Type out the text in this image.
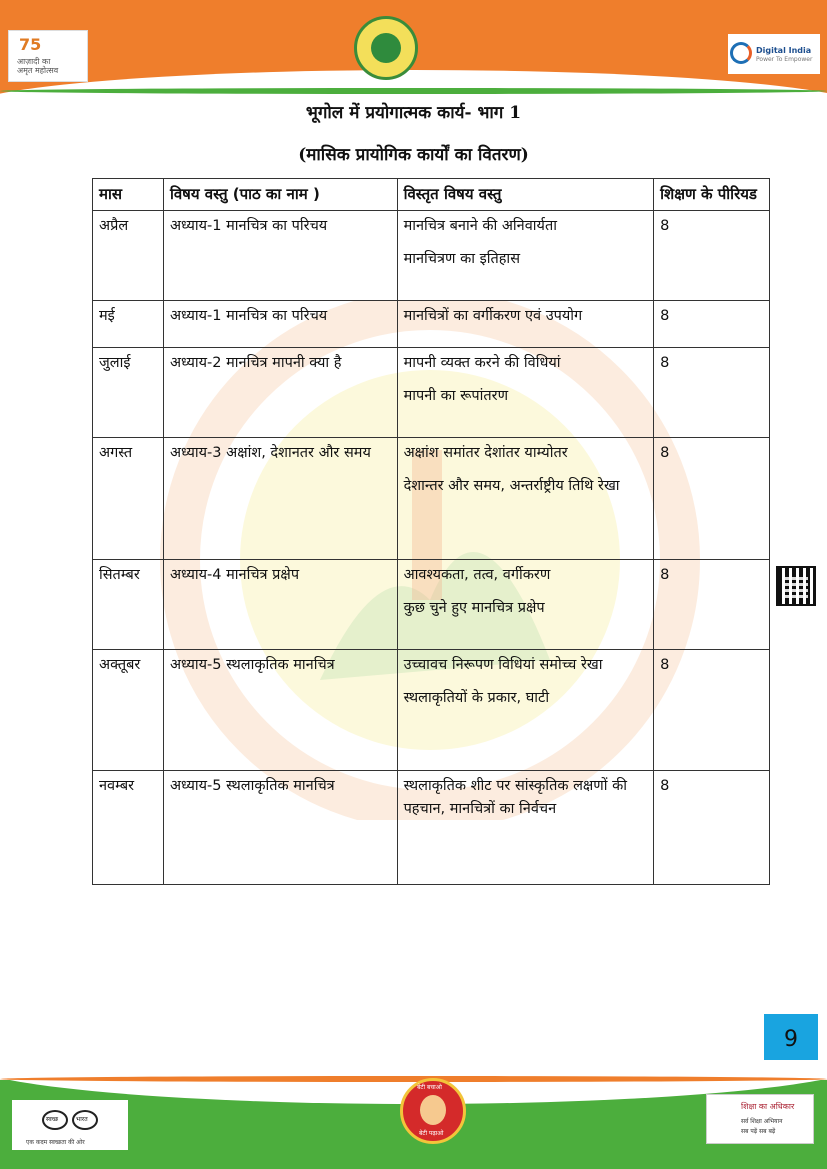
75
आज़ादी का
अमृत महोत्सव
Digital India
Power To Empower
भूगोल में प्रयोगात्मक कार्य- भाग 1
(मासिक प्रायोगिक कार्यों का वितरण)
मास	विषय वस्तु (पाठ का नाम )	विस्तृत विषय वस्तु	शिक्षण के पीरियड
अप्रैल	अध्याय-1 मानचित्र का परिचय	मानचित्र बनाने की अनिवार्यता
मानचित्रण का इतिहास	8
मई	अध्याय-1 मानचित्र का परिचय	मानचित्रों का वर्गीकरण एवं उपयोग	8
जुलाई	अध्याय-2 मानचित्र मापनी क्या है	मापनी व्यक्त करने की विधियां
मापनी का रूपांतरण	8
अगस्त	अध्याय-3 अक्षांश, देशानतर और समय	अक्षांश समांतर देशांतर याम्योतर
देशान्तर और समय, अन्तर्राष्ट्रीय तिथि रेखा	8
सितम्बर	अध्याय-4 मानचित्र प्रक्षेप	आवश्यकता, तत्व, वर्गीकरण
कुछ चुने हुए मानचित्र प्रक्षेप	8
अक्तूबर	अध्याय-5 स्थलाकृतिक मानचित्र	उच्चावच निरूपण विधियां समोच्च रेखा
स्थलाकृतियों के प्रकार, घाटी	8
नवम्बर	अध्याय-5 स्थलाकृतिक मानचित्र	स्थलाकृतिक शीट पर सांस्कृतिक लक्षणों की पहचान, मानचित्रों का निर्वचन	8
9
स्वच्छ	भारत
एक कदम स्वच्छता की ओर
बेटी बचाओ
बेटी पढ़ाओ
शिक्षा का अधिकार
सर्व शिक्षा अभियान
सब पढ़ें सब बढ़ें
